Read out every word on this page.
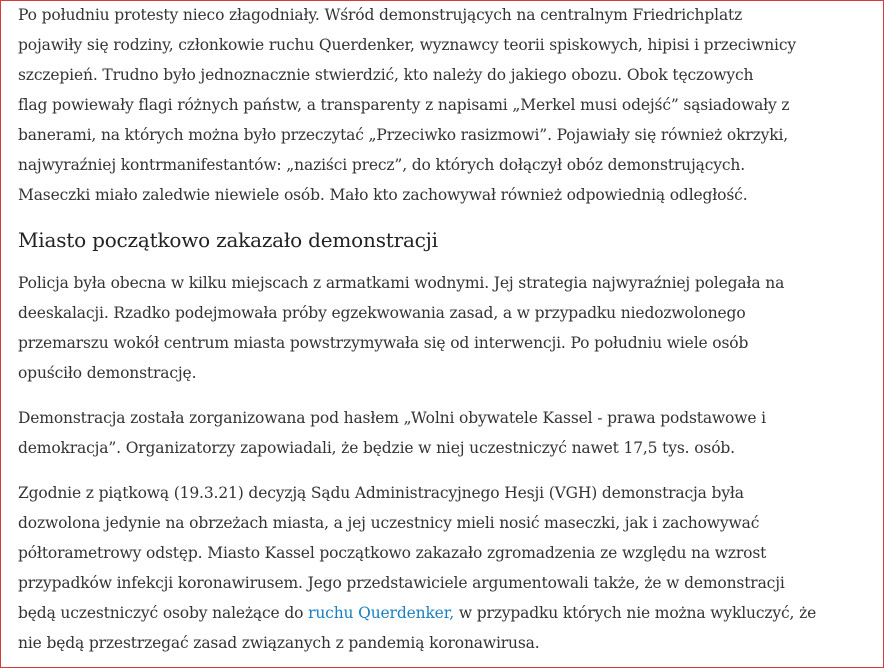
Po południu protesty nieco złagodniały. Wśród demonstrujących na centralnym Friedrichplatz
pojawiły się rodziny, członkowie ruchu Querdenker, wyznawcy teorii spiskowych, hipisi i przeciwnicy
szczepień. Trudno było jednoznacznie stwierdzić, kto należy do jakiego obozu. Obok tęczowych
flag powiewały flagi różnych państw, a transparenty z napisami „Merkel musi odejść” sąsiadowały z
banerami, na których można było przeczytać „Przeciwko rasizmowi”. Pojawiały się również okrzyki,
najwyraźniej kontrmanifestantów: „naziści precz”, do których dołączył obóz demonstrujących.
Maseczki miało zaledwie niewiele osób. Mało kto zachowywał również odpowiednią odległość.

Miasto początkowo zakazało demonstracji

Policja była obecna w kilku miejscach z armatkami wodnymi. Jej strategia najwyraźniej polegała na
deeskalacji. Rzadko podejmowała próby egzekwowania zasad, a w przypadku niedozwolonego
przemarszu wokół centrum miasta powstrzymywała się od interwencji. Po południu wiele osób
opuściło demonstrację.

Demonstracja została zorganizowana pod hasłem „Wolni obywatele Kassel - prawa podstawowe i
demokracja”. Organizatorzy zapowiadali, że będzie w niej uczestniczyć nawet 17,5 tys. osób.

Zgodnie z piątkową (19.3.21) decyzją Sądu Administracyjnego Hesji (VGH) demonstracja była
dozwolona jedynie na obrzeżach miasta, a jej uczestnicy mieli nosić maseczki, jak i zachowywać
półtorametrowy odstęp. Miasto Kassel początkowo zakazało zgromadzenia ze względu na wzrost
przypadków infekcji koronawirusem. Jego przedstawiciele argumentowali także, że w demonstracji
będą uczestniczyć osoby należące do ruchu Querdenker, w przypadku których nie można wykluczyć, że
nie będą przestrzegać zasad związanych z pandemią koronawirusa.
